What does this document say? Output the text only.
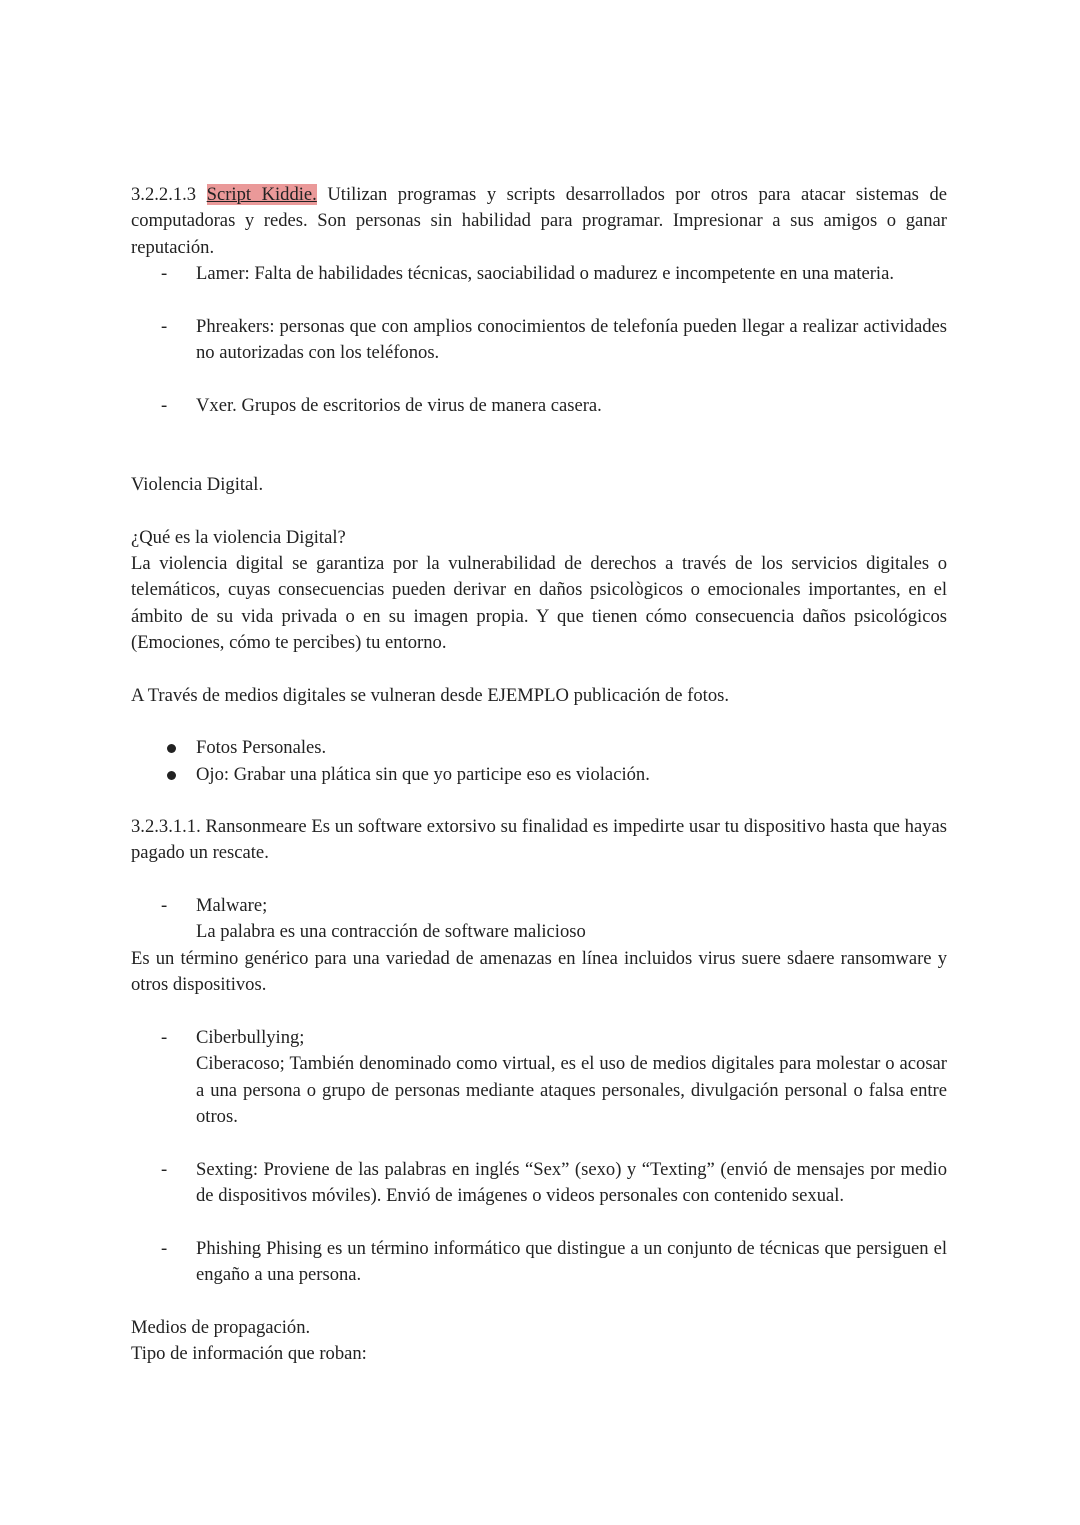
3.2.2.1.3 Script Kiddie. Utilizan programas y scripts desarrollados por otros para atacar sistemas de computadoras y redes. Son personas sin habilidad para programar. Impresionar a sus amigos o ganar reputación.

-	Lamer: Falta de habilidades técnicas, saociabilidad o madurez e incompetente en una materia.
-	Phreakers: personas que con amplios conocimientos de telefonía pueden llegar a realizar actividades no autorizadas con los teléfonos.
-	Vxer. Grupos de escritorios de virus de manera casera.

Violencia Digital.

¿Qué es la violencia Digital?

La violencia digital se garantiza por la vulnerabilidad de derechos a través de los servicios digitales o telemáticos, cuyas consecuencias pueden derivar en daños psicològicos o emocionales importantes, en el ámbito de su vida privada o en su imagen propia. Y que tienen cómo consecuencia daños psicológicos (Emociones, cómo te percibes) tu entorno.

A Través de medios digitales se vulneran desde EJEMPLO publicación de fotos.

Fotos Personales.
Ojo: Grabar una plática sin que yo participe eso es violación.

3.2.3.1.1. Ransonmeare Es un software extorsivo su finalidad es impedirte usar tu dispositivo hasta que hayas pagado un rescate.

-	Malware;
La palabra es una contracción de software malicioso

Es un término genérico para una variedad de amenazas en línea incluidos virus suere sdaere ransomware y otros dispositivos.

-	Ciberbullying;
Ciberacoso; También denominado como virtual, es el uso de medios digitales para molestar o acosar a una persona o grupo de personas mediante ataques personales, divulgación personal o falsa entre otros.
-	Sexting: Proviene de las palabras en inglés “Sex” (sexo) y “Texting” (envió de mensajes por medio de dispositivos móviles). Envió de imágenes o videos personales con contenido sexual.
-	Phishing Phising es un término informático que distingue a un conjunto de técnicas que persiguen el engaño a una persona.

Medios de propagación.

Tipo de información que roban:
